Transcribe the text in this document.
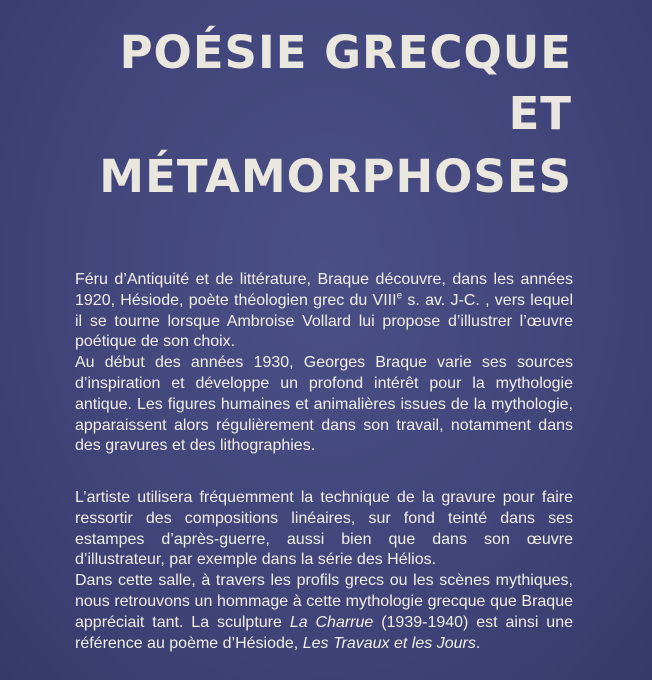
POÉSIE GRECQUE
ET
MÉTAMORPHOSES

Féru d’Antiquité et de littérature, Braque découvre, dans les années 1920, Hésiode, poète théologien grec du VIIIe s. av. J-C. , vers lequel il se tourne lorsque Ambroise Vollard lui propose d’illustrer l’œuvre poétique de son choix.

Au début des années 1930, Georges Braque varie ses sources d’inspiration et développe un profond intérêt pour la mythologie antique. Les figures humaines et animalières issues de la mythologie, apparaissent alors régulièrement dans son travail, notamment dans des gravures et des lithographies.

L’artiste utilisera fréquemment la technique de la gravure pour faire ressortir des compositions linéaires, sur fond teinté dans ses estampes d’après-guerre, aussi bien que dans son œuvre d’illustrateur, par exemple dans la série des Hélios.

Dans cette salle, à travers les profils grecs ou les scènes mythiques, nous retrouvons un hommage à cette mythologie grecque que Braque appréciait tant. La sculpture La Charrue (1939-1940) est ainsi une référence au poème d’Hésiode, Les Travaux et les Jours.
